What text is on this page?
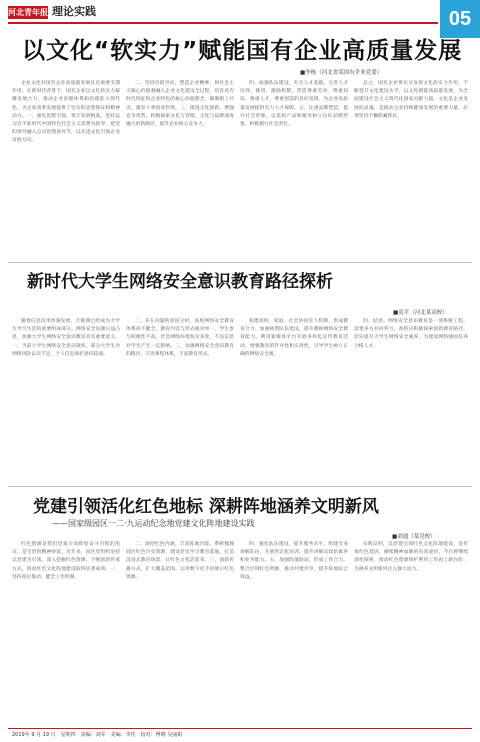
河北青年报 理论实践	05
以文化“软实力”赋能国有企业高质量发展
■李栋（河北省某国有企业党委）

企业文化对国有企业高质量发展具有重要支撑作用。在新时代背景下，国有企业以文化软实力凝聚发展合力，推动企业治理体系和治理能力现代化，为企业改革发展提供了坚实的思想保证和精神动力。一、强化思想引领，筑牢发展根基。坚持以习近平新时代中国特色社会主义思想为指导，把党的领导融入公司治理各环节，以先进文化引领企业发展方向。

二、坚持价值导向，塑造企业精神。将社会主义核心价值观融入企业文化建设全过程，培育具有时代特征和企业特色的核心价值理念，凝聚职工共识，激发干事创业热情。三、推进文化创新，增强竞争优势。积极探索文化与管理、文化与品牌深度融合的新路径，提升企业核心竞争力。

四、加强队伍建设，夯实人才基础。完善人才培养、使用、激励机制，营造尊重劳动、尊重知识、尊重人才、尊重创造的良好氛围，为企业高质量发展提供有力人才保障。五、注重品牌塑造，提升社会形象。以优质产品和服务树立良好品牌形象，积极履行社会责任。

总之，国有企业要充分发挥文化软实力作用，不断提升文化建设水平，以文化赋能高质量发展，为全面建设社会主义现代化国家贡献力量。文化是企业发展的灵魂，是推动企业持续健康发展的重要力量，必须坚持不懈抓紧抓好。

新时代大学生网络安全意识教育路径探析
■高平（河北某高校）

随着信息技术快速发展，互联网已经成为大学生学习生活的重要组成部分。网络安全问题日益凸显，加强大学生网络安全意识教育具有重要意义。一、当前大学生网络安全意识现状。部分大学生对网络风险认识不足，个人信息保护意识较弱。

二、存在问题的原因分析。高校网络安全教育体系尚不健全，教育内容与形式相对单一，学生参与积极性不高。社会网络环境复杂多变，不良信息对学生产生一定影响。三、加强网络安全意识教育的路径。完善课程体系，丰富教育形式。

构建高校、家庭、社会协同育人机制，形成教育合力。加强师资队伍建设，提升教师网络安全教育能力。利用新媒体平台开展多样化宣传教育活动，增强教育的针对性和实效性，引导学生树立正确的网络安全观。

四、结语。网络安全意识教育是一项系统工程，需要多方共同努力。高校应积极探索创新教育路径，切实提升大学生网络安全素养，为建设网络强国培养合格人才。

党建引领活化红色地标 深耕阵地涵养文明新风
——国家级园区一二·九运动纪念地党建文化阵地建设实践
■刘通（某党校）

红色资源是我们党艰辛而辉煌奋斗历程的见证，是宝贵的精神财富。近年来，园区党组织坚持以党建为引领，深入挖掘红色资源，不断创新传承方式，推动红色文化阵地建设取得显著成效。一、坚持高位推动，健全工作机制。

二、深挖红色内涵，丰富阵地功能。系统梳理园区红色历史资源，建设党史学习教育基地，打造沉浸式教育场景，让红色文化活起来。三、创新传播方式，扩大覆盖范围。运用数字化手段展示红色资源。

四、强化队伍建设，提升服务水平。组建专业讲解队伍，开展常态化培训，提升讲解员政治素养和业务能力。五、加强阵地联动，形成工作合力。整合区域红色资源，推动共建共享，提升阵地综合效益。

实践证明，以党建引领红色文化阵地建设，是传承红色基因、赓续精神血脉的有效途径。今后将继续深化探索，推动红色资源保护利用工作再上新台阶，为涵养文明新风注入强大动力。

2019年 9 月 19 日　星期四　责编：刘军　美编：李佳　校对：傅晓 吴丽娟
